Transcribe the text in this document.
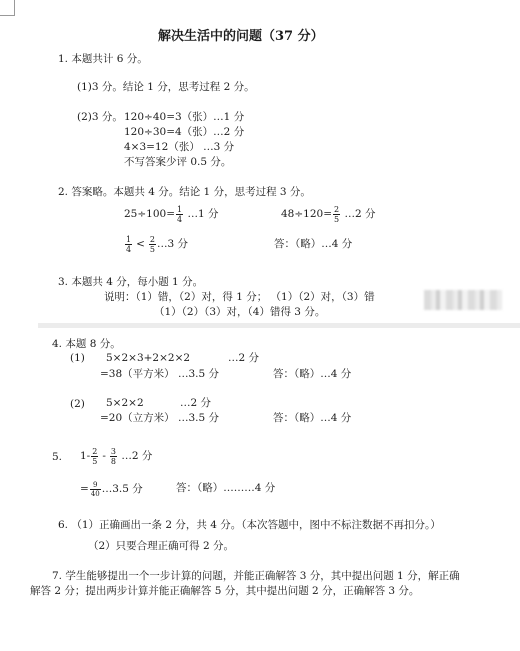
解决生活中的问题（37 分）
1. 本题共计 6 分。
(1)3 分。结论 1 分，思考过程 2 分。
(2)3 分。 120÷40=3（张）…1 分
120÷30=4（张）…2 分
4×3=12（张） …3 分
不写答案少评 0.5 分。
2. 答案略。本题共 4 分。结论 1 分，思考过程 3 分。
$25\div 100= \frac{1}{4}$ …1 分	$48\div 120= \frac{2}{5}$ …2 分
$\frac{1}{4} < \frac{2}{5}$ …3 分	答：（略）…4 分
3. 本题共 4 分，每小题 1 分。
说明：（1）错，（2）对，得 1 分； （1）（2）对，（3）错
（1）（2）（3）对，（4）错得 3 分。
4. 本题 8 分。
(1) 5×2×3+2×2×2	…2 分
=38（平方米） …3.5 分	答：（略）…4 分
(2) 5×2×2	…2 分
=20（立方米） …3.5 分	答：（略）…4 分
5. $1- \frac{2}{5} - \frac{3}{8}$ …2 分
= $\frac{9}{40}$ …3.5 分	答：（略）………4 分
6. （1）正确画出一条 2 分，共 4 分。（本次答题中，图中不标注数据不再扣分。）
（2）只要合理正确可得 2 分。
7. 学生能够提出一个一步计算的问题，并能正确解答 3 分，其中提出问题 1 分，解正确
解答 2 分；提出两步计算并能正确解答 5 分，其中提出问题 2 分，正确解答 3 分。
